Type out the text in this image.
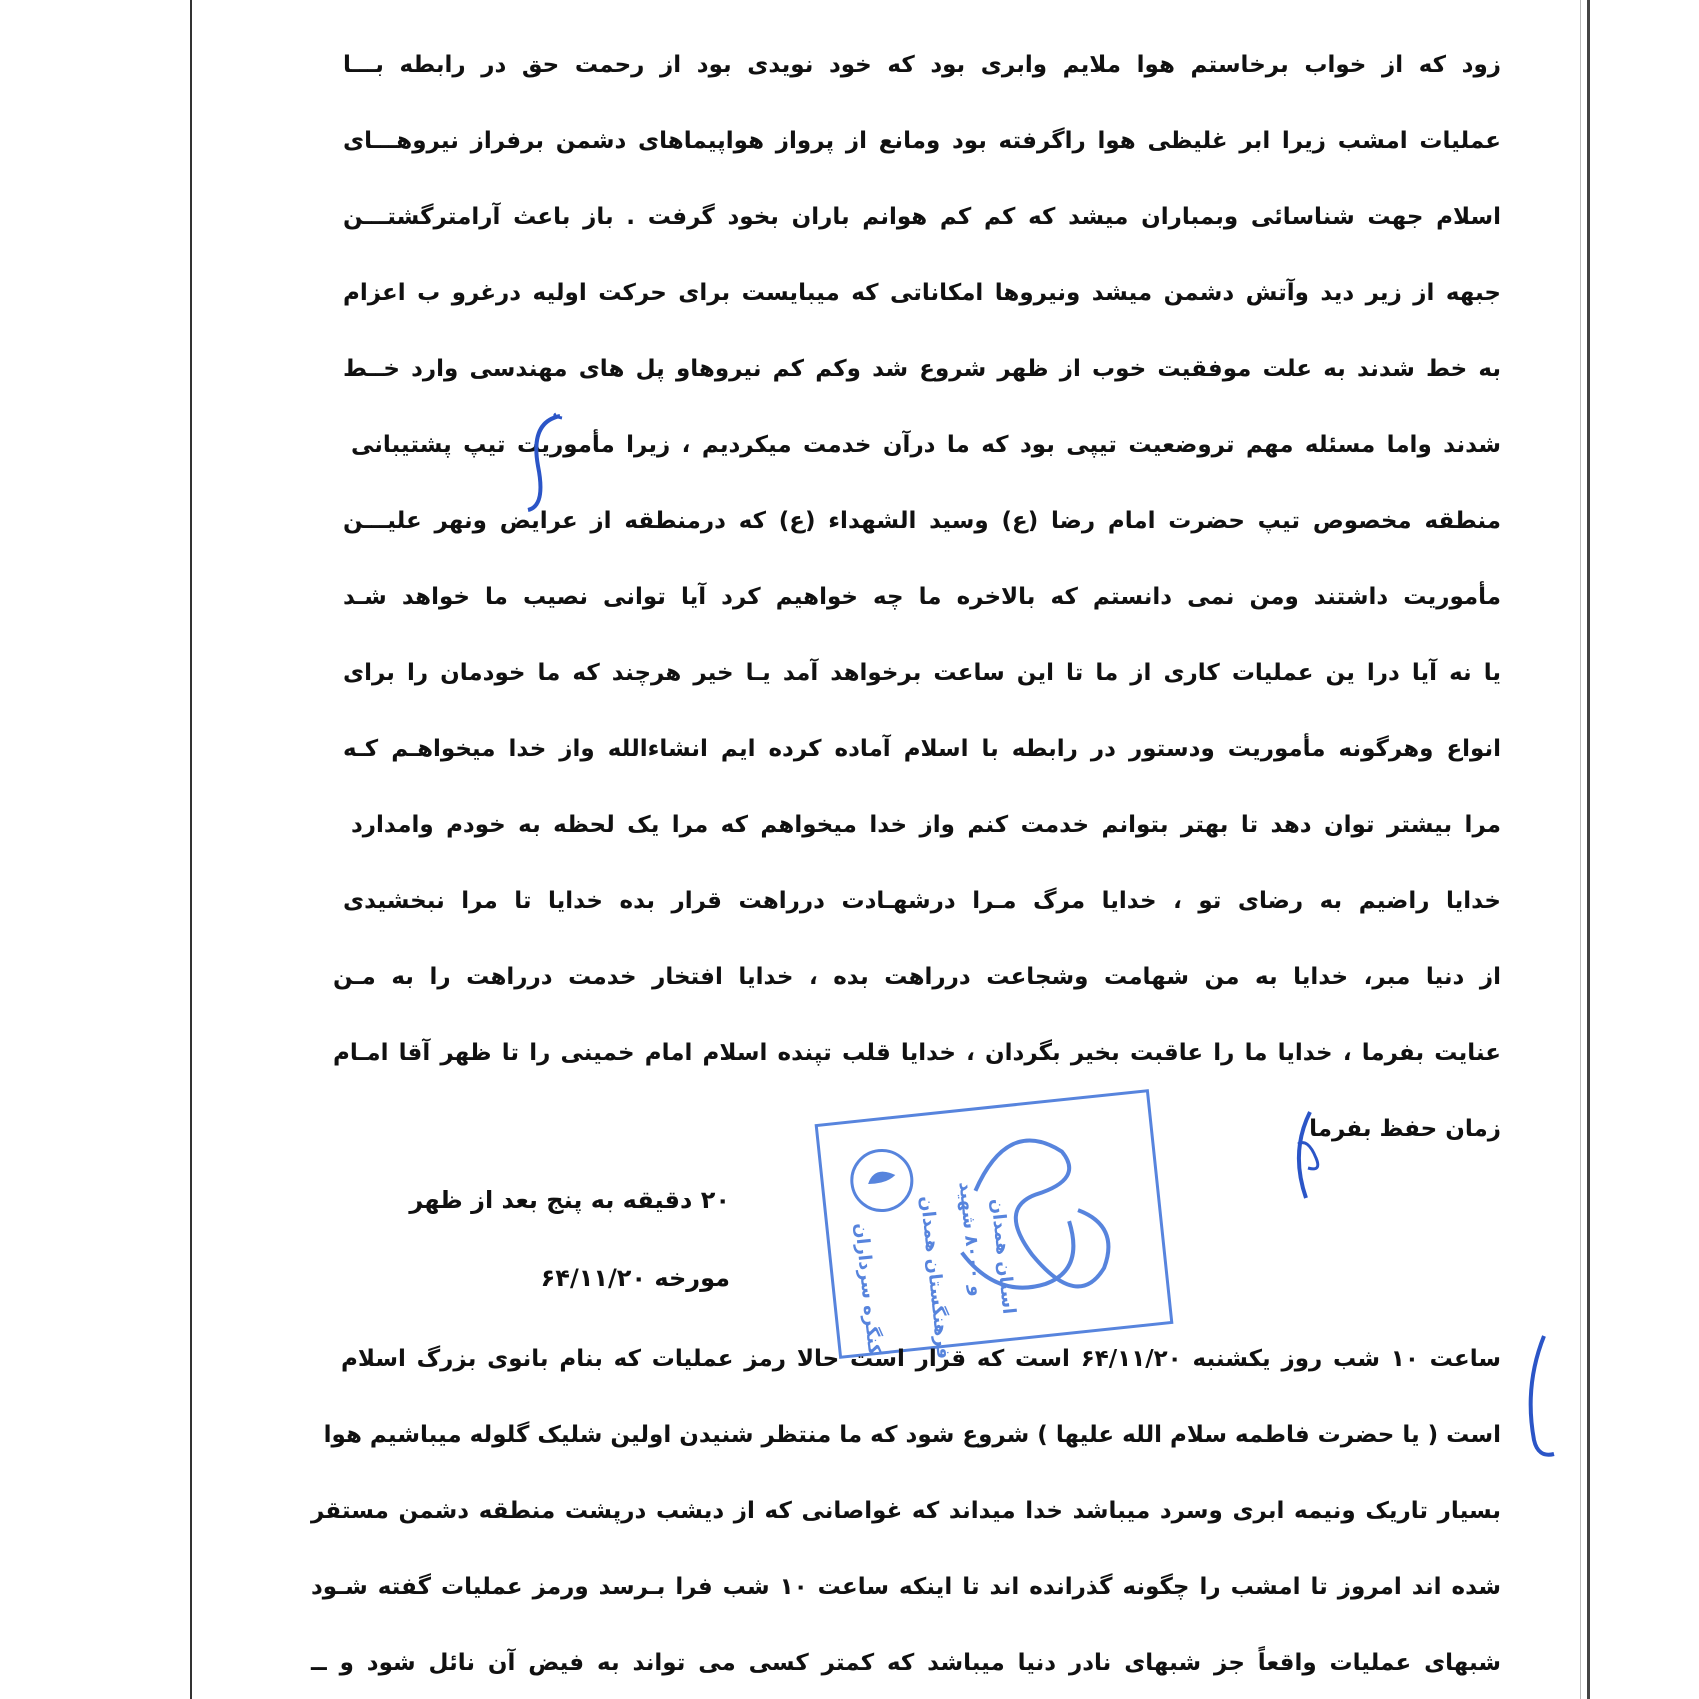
زود که از خواب برخاستم هوا ملایم وابری بود که خود نویدی بود از رحمت حق در رابطه بـــا
عملیات امشب زیرا ابر غلیظی هوا راگرفته بود ومانع از پرواز هواپیماهای دشمن برفراز نیروهـــای
اسلام جهت شناسائی وبمباران میشد که کم کم هوانم باران بخود گرفت . باز باعث آرامترگشتـــن
جبهه از زیر دید وآتش دشمن میشد ونیروها امکاناتی که میبایست برای حرکت اولیه درغرو ب اعزام
به خط شدند به علت موفقیت خوب از ظهر شروع شد وکم کم نیروهاو پل های مهندسی وارد خــط
شدند واما مسئله مهم تروضعیت تیپی بود که ما درآن خدمت میکردیم ، زیرا مأموریت تیپ پشتیبانی
منطقه مخصوص تیپ حضرت امام رضا (ع) وسید الشهداء (ع) که درمنطقه از عرایض ونهر علیـــن
مأموریت داشتند ومن نمی دانستم که بالاخره ما چه خواهیم کرد آیا توانی نصیب ما خواهد شـد
یا نه آیا درا ین عملیات کاری از ما تا این ساعت برخواهد آمد یـا خیر هرچند که ما خودمان را برای
انواع وهرگونه مأموریت ودستور در رابطه با اسلام آماده کرده ایم انشاءالله واز خدا میخواهـم کـه
مرا بیشتر توان دهد تا بهتر بتوانم خدمت کنم واز خدا میخواهم که مرا یک لحظه به خودم وامدارد
خدایا راضیم به رضای تو ، خدایا مرگ مـرا درشهـادت درراهت قرار بده خدایا تا مرا نبخشیدی
از دنیا مبر، خدایا به من شهامت وشجاعت درراهت بده ، خدایا افتخار خدمت درراهت را به مـن
عنایت بفرما ، خدایا ما را عاقبت بخیر بگردان ، خدایا قلب تپنده اسلام امام خمینی را تا ظهر آقا امـام
زمان حفظ بفرما
۲۰ دقیقه به پنج بعد از ظهر
مورخه ۶۴/۱۱/۲۰	کنگره سرداران
و ۸۰۰۰ شهید استان همدان
فرهنگستان همدان
ساعت ۱۰ شب روز یکشنبه ۶۴/۱۱/۲۰ است که قرار است حالا رمز عملیات که بنام بانوی بزرگ اسلام
است ( یا حضرت فاطمه سلام الله علیها ) شروع شود که ما منتظر شنیدن اولین شلیک گلوله میباشیم هوا
بسیار تاریک ونیمه ابری وسرد میباشد خدا میداند که غواصانی که از دیشب درپشت منطقه دشمن مستقر
شده اند امروز تا امشب را چگونه گذرانده اند تا اینکه ساعت ۱۰ شب فرا بـرسد ورمز عملیات گفته شـود
شبهای عملیات واقعاً جز شبهای نادر دنیا میباشد که کمتر کسی می تواند به فیض آن نائل شود و ــ
